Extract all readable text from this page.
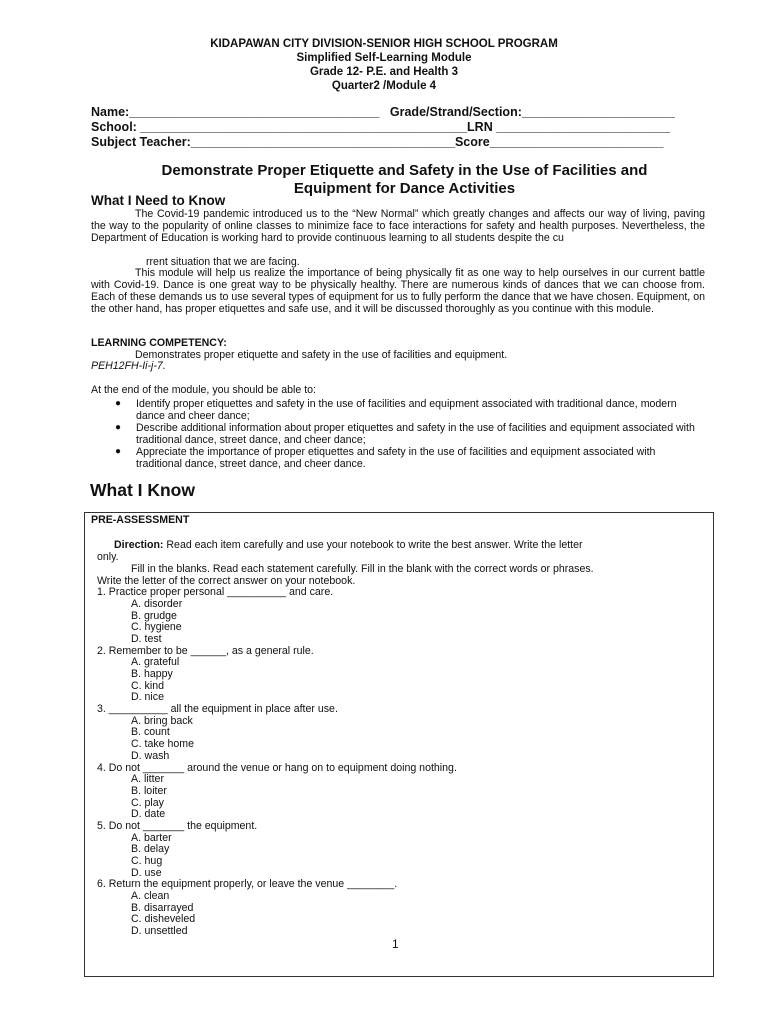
KIDAPAWAN CITY DIVISION-SENIOR HIGH SCHOOL PROGRAM
Simplified Self-Learning Module
Grade 12- P.E. and Health 3
Quarter2 /Module 4
Name:____________________________________   Grade/Strand/Section:______________________
School: _______________________________________________LRN _________________________
Subject Teacher:______________________________________Score_________________________
Demonstrate Proper Etiquette and Safety in the Use of Facilities and
Equipment for Dance Activities
What I Need to Know

The Covid-19 pandemic introduced us to the “New Normal” which greatly changes and affects our way of living, paving the way to the popularity of online classes to minimize face to face interactions for safety and health purposes. Nevertheless, the Department of Education is working hard to provide continuous learning to all students despite the cu

rrent situation that we are facing.

This module will help us realize the importance of being physically fit as one way to help ourselves in our current battle with Covid-19. Dance is one great way to be physically healthy. There are numerous kinds of dances that we can choose from. Each of these demands us to use several types of equipment for us to fully perform the dance that we have chosen. Equipment, on the other hand, has proper etiquettes and safe use, and it will be discussed thoroughly as you continue with this module.

LEARNING COMPETENCY:
Demonstrates proper etiquette and safety in the use of facilities and equipment.
PEH12FH-Ii-j-7.
At the end of the module, you should be able to:
● Identify proper etiquettes and safety in the use of facilities and equipment associated with traditional dance, modern dance and cheer dance;
● Describe additional information about proper etiquettes and safety in the use of facilities and equipment associated with traditional dance, street dance, and cheer dance;
● Appreciate the importance of proper etiquettes and safety in the use of facilities and equipment associated with traditional dance, street dance, and cheer dance.
What I Know
PRE-ASSESSMENT
Direction: Read each item carefully and use your notebook to write the best answer. Write the letter
only.
Fill in the blanks. Read each statement carefully. Fill in the blank with the correct words or phrases.
Write the letter of the correct answer on your notebook.
1. Practice proper personal __________ and care.
A. disorder
B. grudge
C. hygiene
D. test
2. Remember to be ______, as a general rule.
A. grateful
B. happy
C. kind
D. nice
3. __________ all the equipment in place after use.
A. bring back
B. count
C. take home
D. wash
4. Do not _______ around the venue or hang on to equipment doing nothing.
A. litter
B. loiter
C. play
D. date
5. Do not _______ the equipment.
A. barter
B. delay
C. hug
D. use
6. Return the equipment properly, or leave the venue ________.
A. clean
B. disarrayed
C. disheveled
D. unsettled
1
